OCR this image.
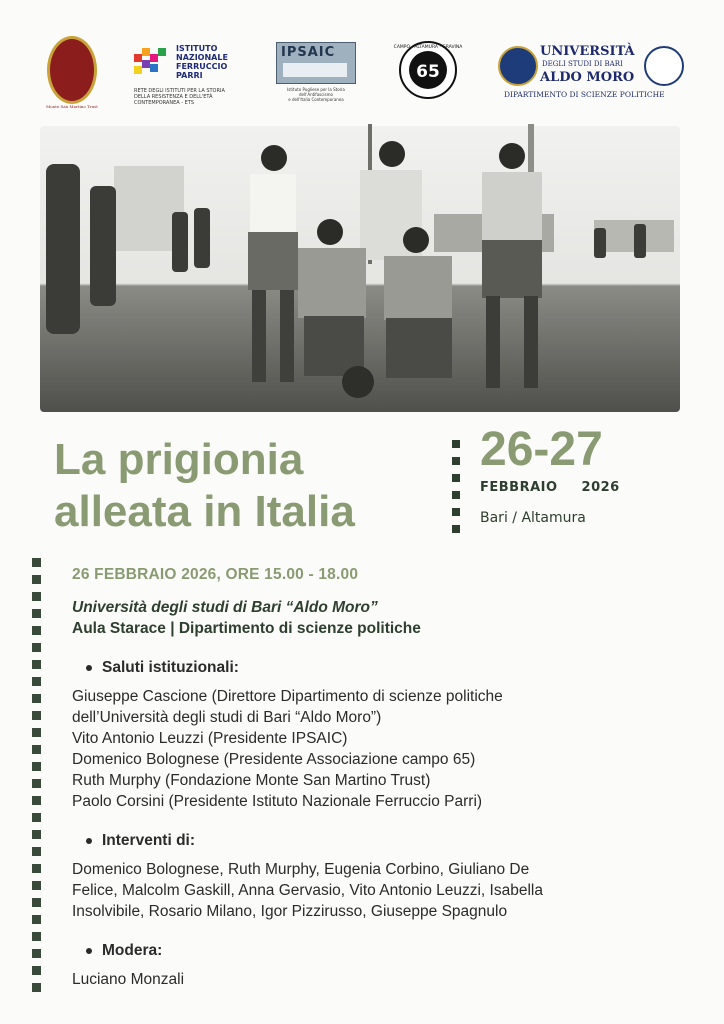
Monte San Martino Trust
ISTITUTO
NAZIONALE
FERRUCCIO
PARRI
RETE DEGLI ISTITUTI PER LA STORIA
DELLA RESISTENZA E DELL'ETÀ
CONTEMPORANEA - ETS
IPSAIC
Istituto Pugliese per la Storia dell'Antifascismo
e dell'Italia Contemporanea
65
CAMPO · ALTAMURA · GRAVINA	UNIVERSITÀ
DEGLI STUDI DI BARI
ALDO MORO
DIPARTIMENTO DI SCIENZE POLITICHE
La prigionia
alleata in Italia
26-27
FEBBRAIO 2026
Bari / Altamura
26 FEBBRAIO 2026, ORE 15.00 - 18.00
Università degli studi di Bari “Aldo Moro”
Aula Starace | Dipartimento di scienze politiche
Saluti istituzionali:
Giuseppe Cascione (Direttore Dipartimento di scienze politiche
dell’Università degli studi di Bari “Aldo Moro”)
Vito Antonio Leuzzi (Presidente IPSAIC)
Domenico Bolognese (Presidente Associazione campo 65)
Ruth Murphy (Fondazione Monte San Martino Trust)
Paolo Corsini (Presidente Istituto Nazionale Ferruccio Parri)
Interventi di:
Domenico Bolognese, Ruth Murphy, Eugenia Corbino, Giuliano De
Felice, Malcolm Gaskill, Anna Gervasio, Vito Antonio Leuzzi, Isabella
Insolvibile, Rosario Milano, Igor Pizzirusso, Giuseppe Spagnulo
Modera:
Luciano Monzali
